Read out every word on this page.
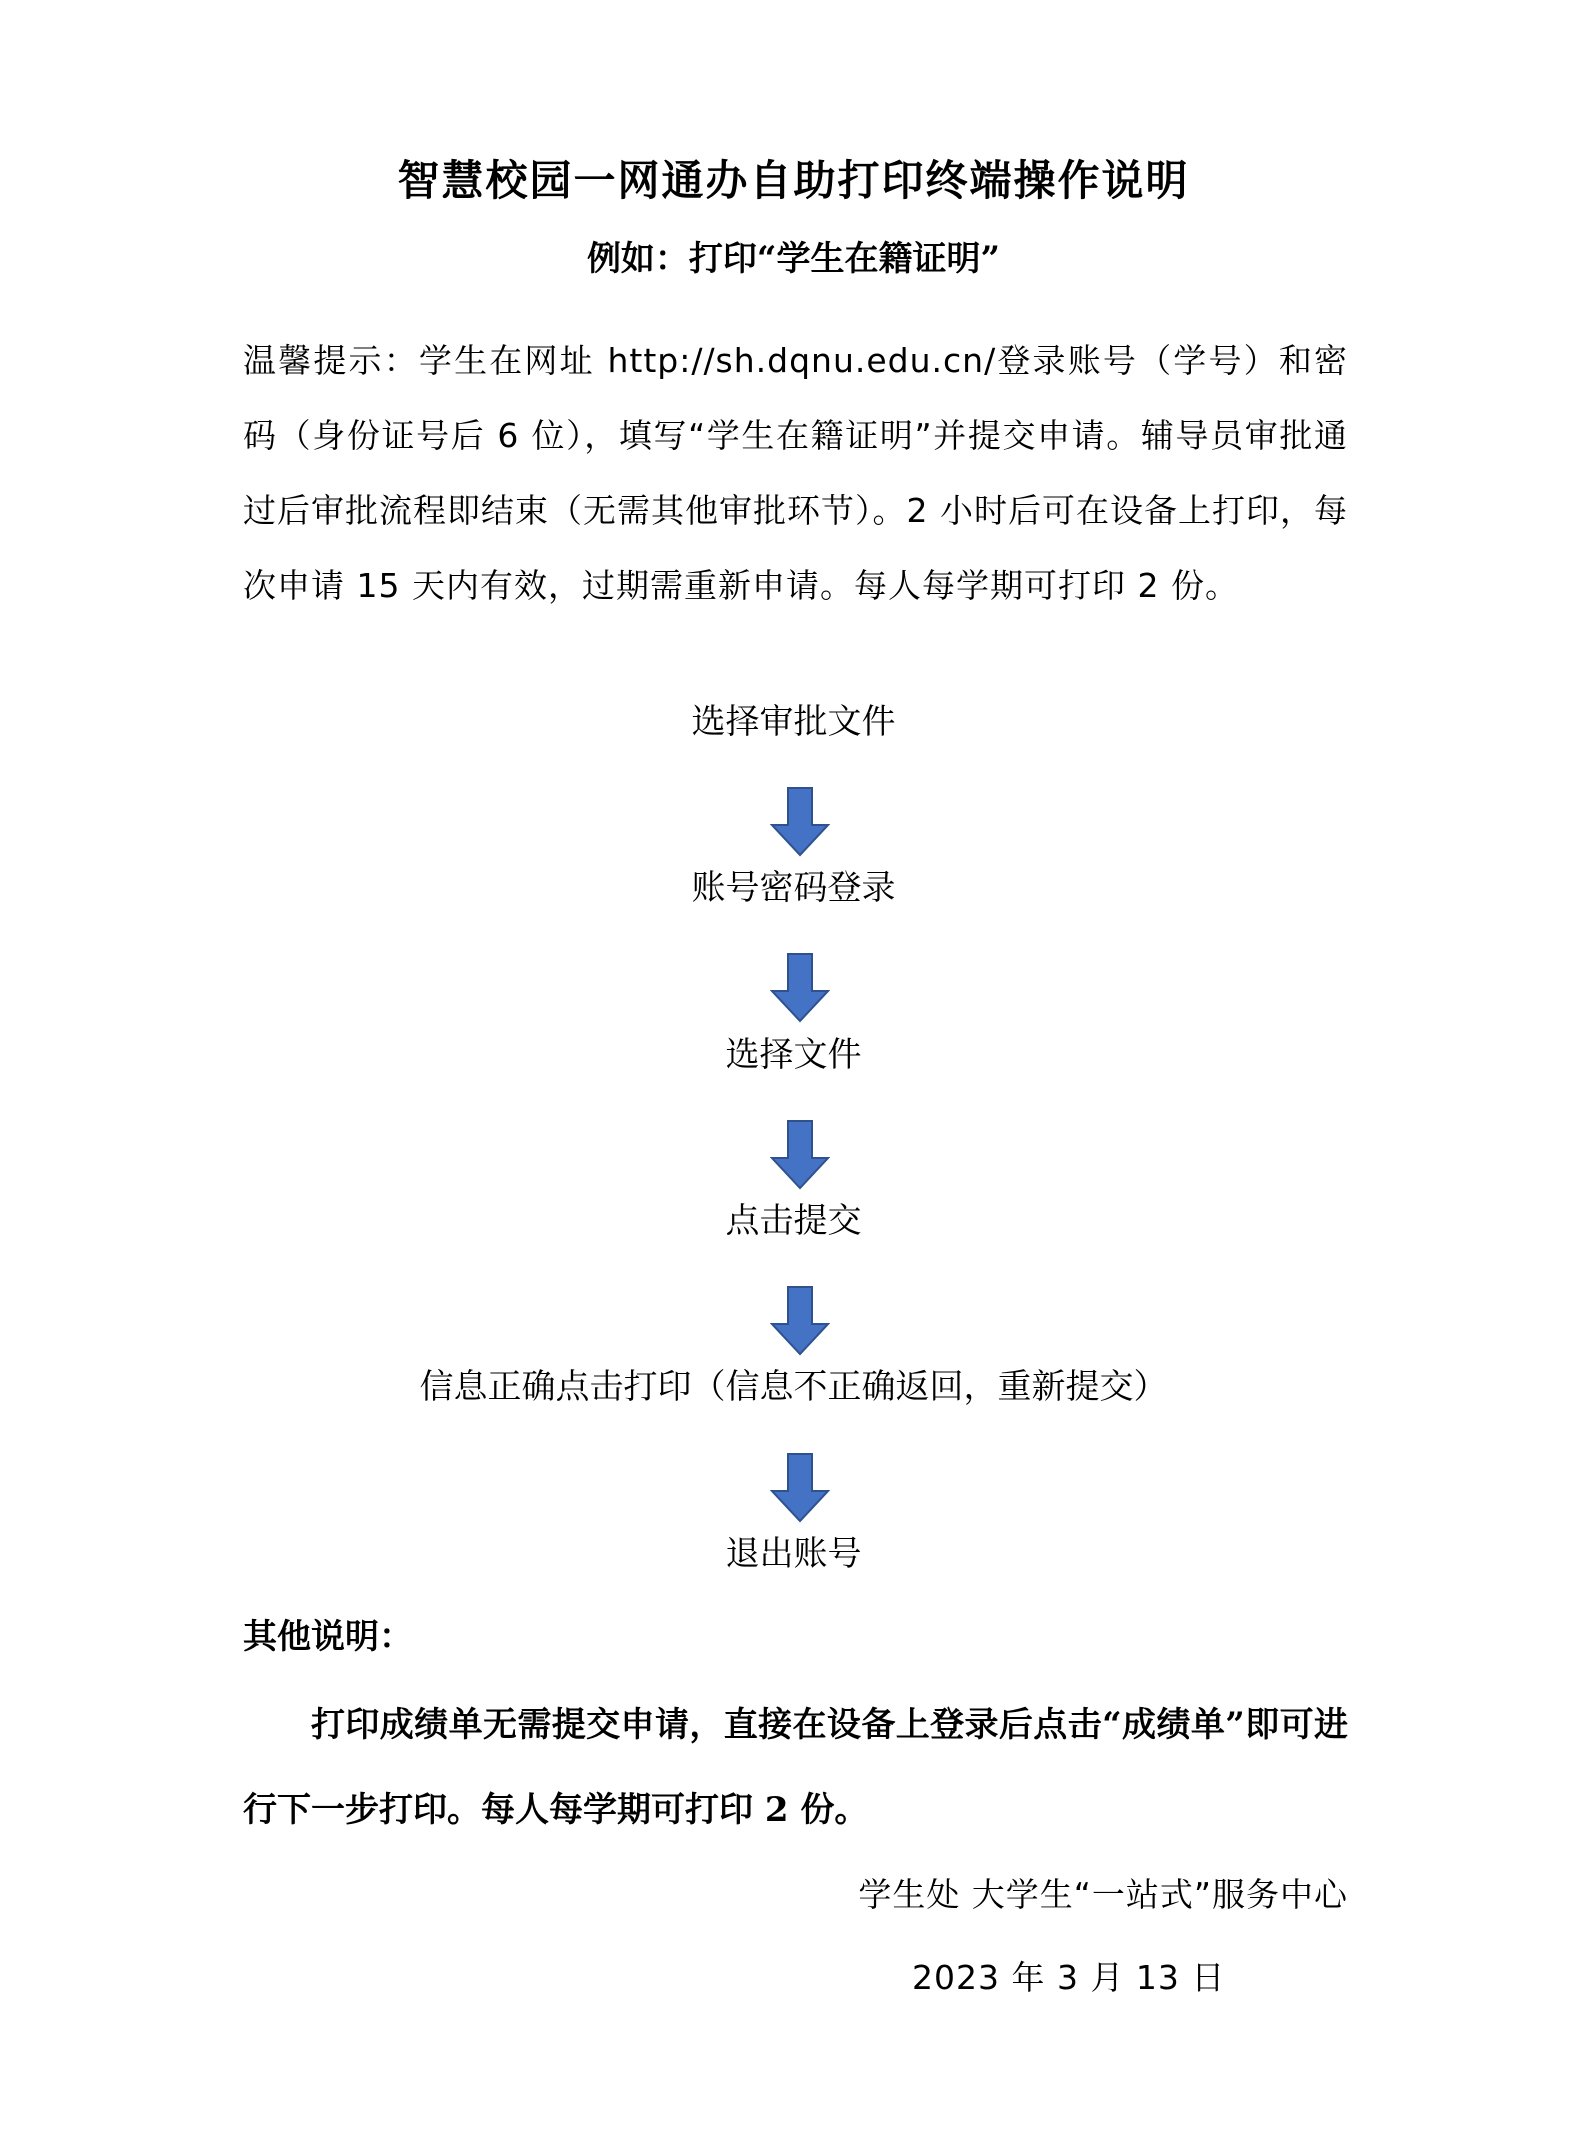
智慧校园一网通办自助打印终端操作说明
例如：打印“学生在籍证明”
温馨提示：学生在网址 http://sh.dqnu.edu.cn/登录账号（学号）和密码（身份证号后 6 位），填写“学生在籍证明”并提交申请。辅导员审批通过后审批流程即结束（无需其他审批环节）。2 小时后可在设备上打印，每次申请 15 天内有效，过期需重新申请。每人每学期可打印 2 份。
选择审批文件
账号密码登录
选择文件
点击提交
信息正确点击打印（信息不正确返回，重新提交）
退出账号
其他说明：
打印成绩单无需提交申请，直接在设备上登录后点击“成绩单”即可进行下一步打印。每人每学期可打印 2 份。
学生处 大学生“一站式”服务中心
2023 年 3 月 13 日
